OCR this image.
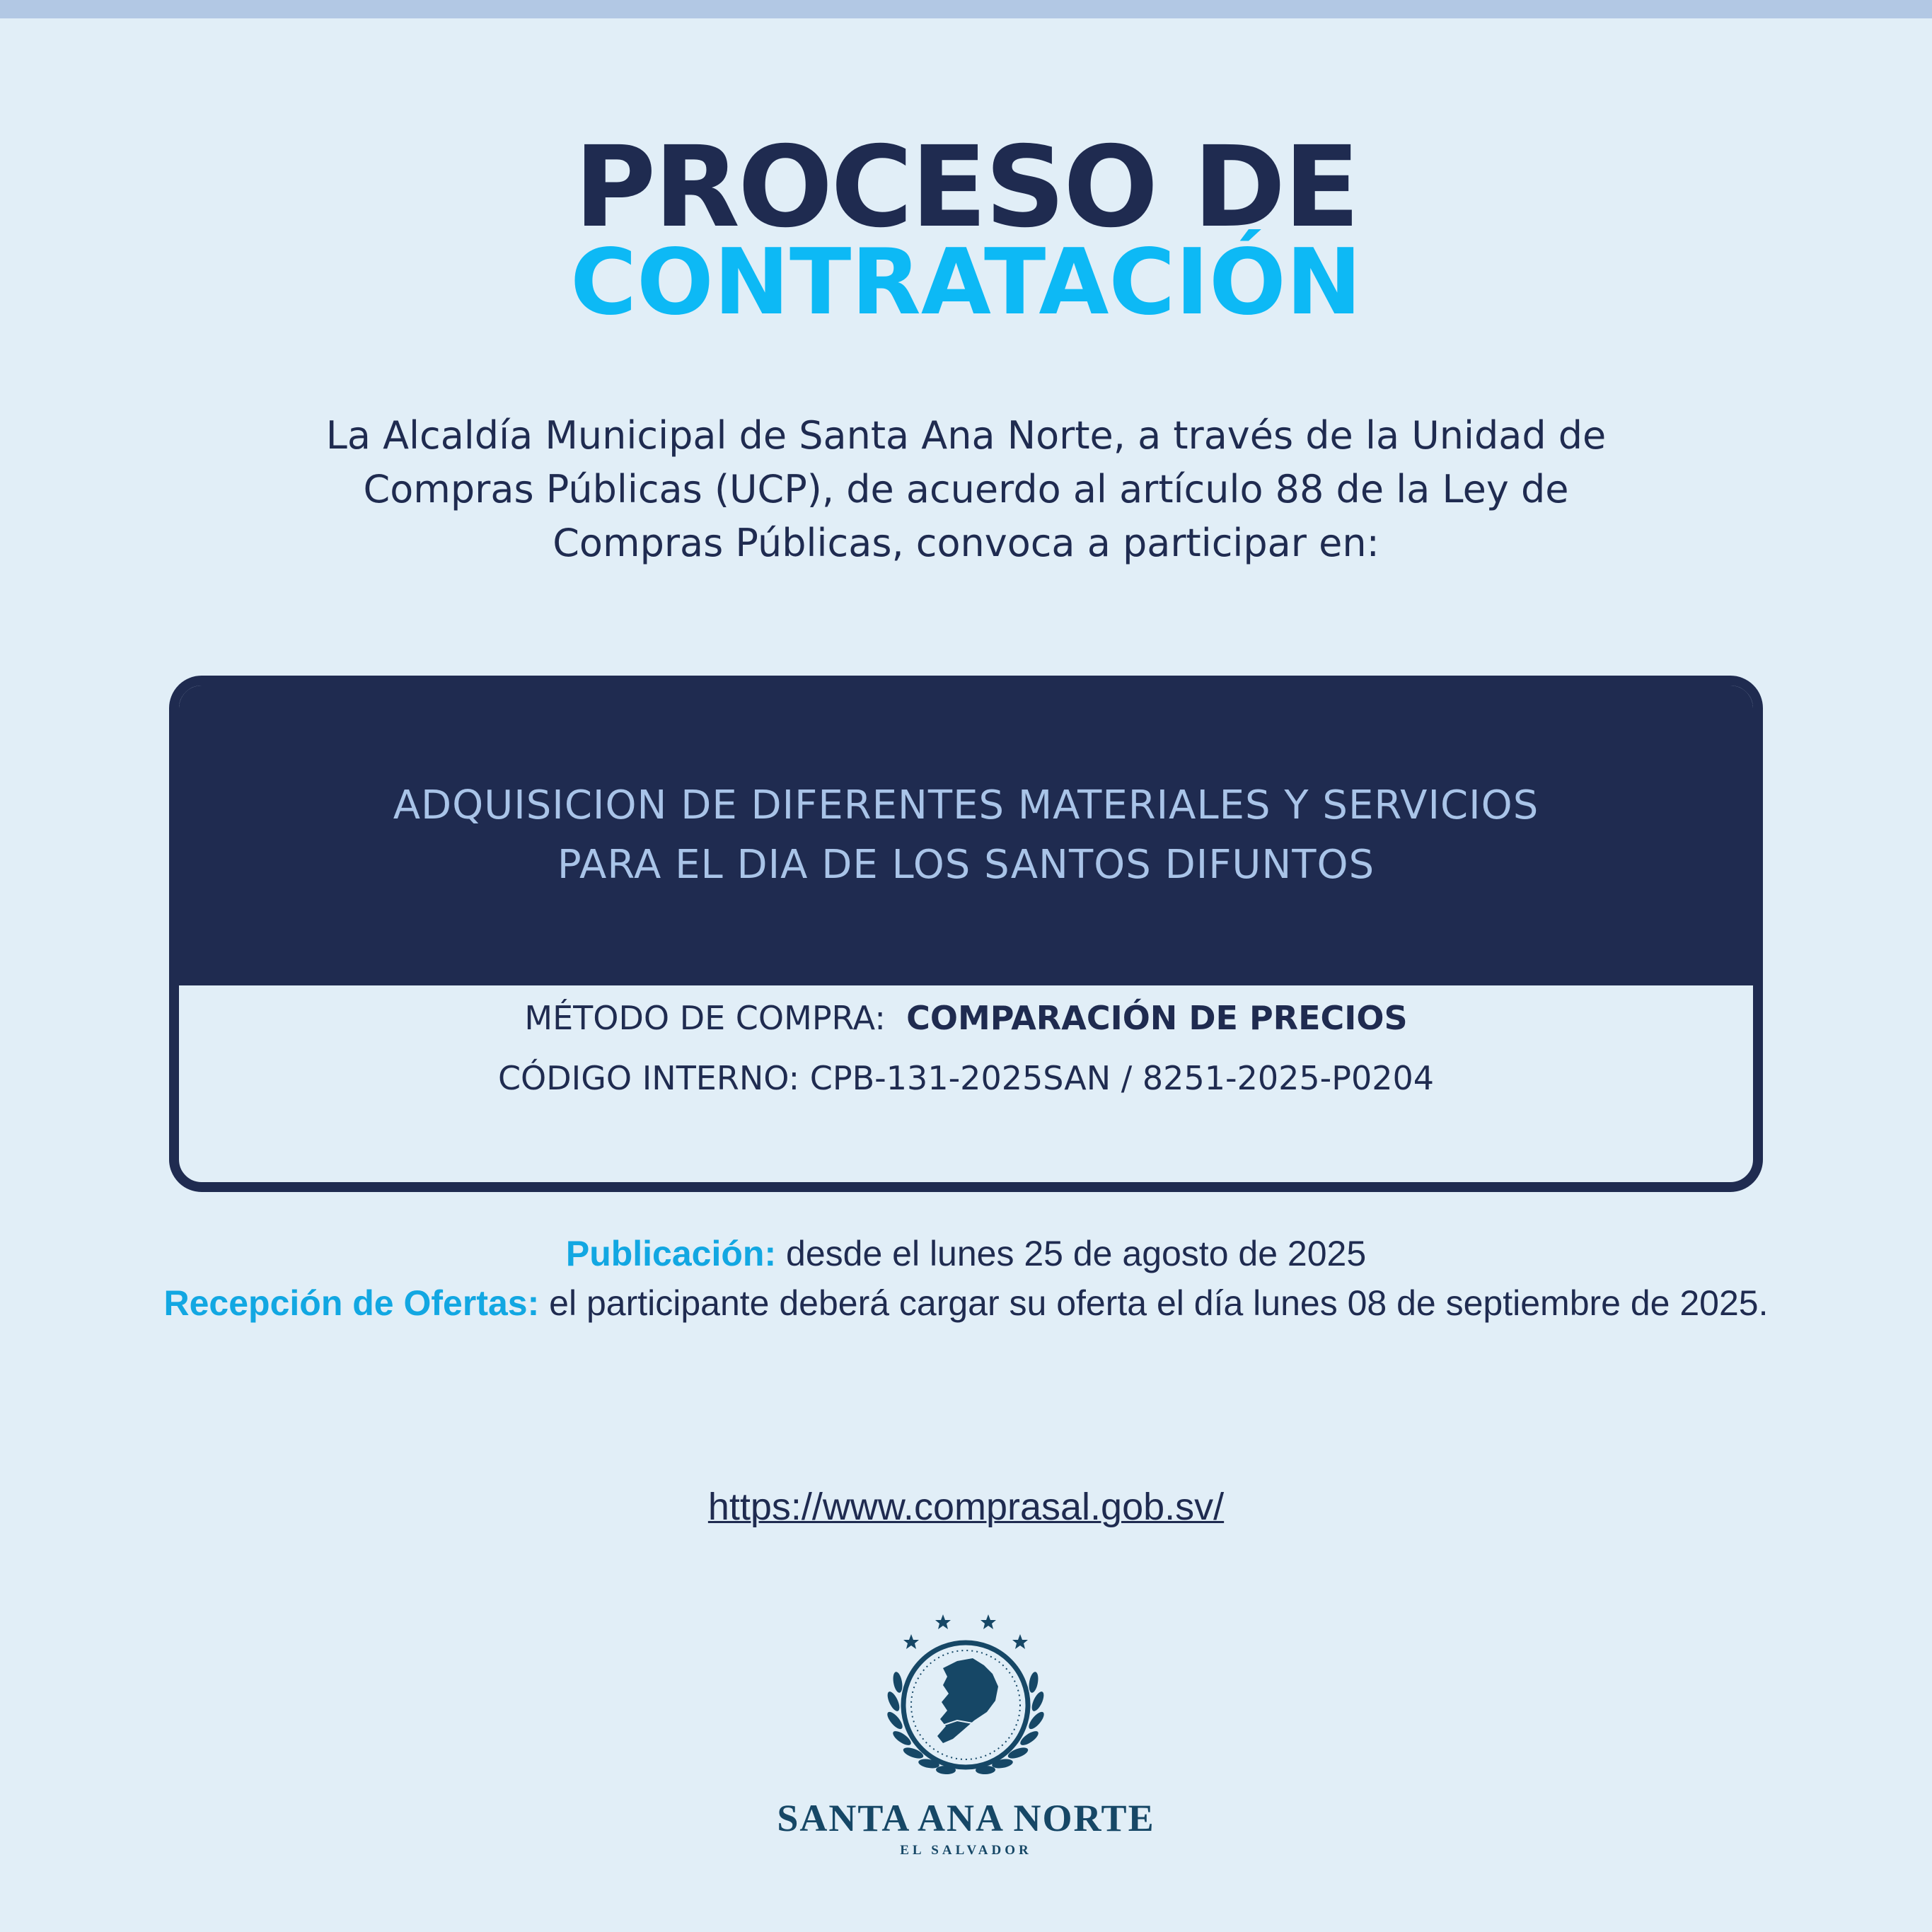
PROCESO DE
CONTRATACIÓN
La Alcaldía Municipal de Santa Ana Norte, a través de la Unidad de
Compras Públicas (UCP), de acuerdo al artículo 88 de la Ley de
Compras Públicas, convoca a participar en:
ADQUISICION DE DIFERENTES MATERIALES Y SERVICIOS
PARA EL DIA DE LOS SANTOS DIFUNTOS
MÉTODO DE COMPRA: COMPARACIÓN DE PRECIOS
CÓDIGO INTERNO: CPB-131-2025SAN / 8251-2025-P0204
Publicación: desde el lunes 25 de agosto de 2025
Recepción de Ofertas: el participante deberá cargar su oferta el día lunes 08 de septiembre de 2025.
https://www.comprasal.gob.sv/
SANTA ANA NORTE
EL SALVADOR
